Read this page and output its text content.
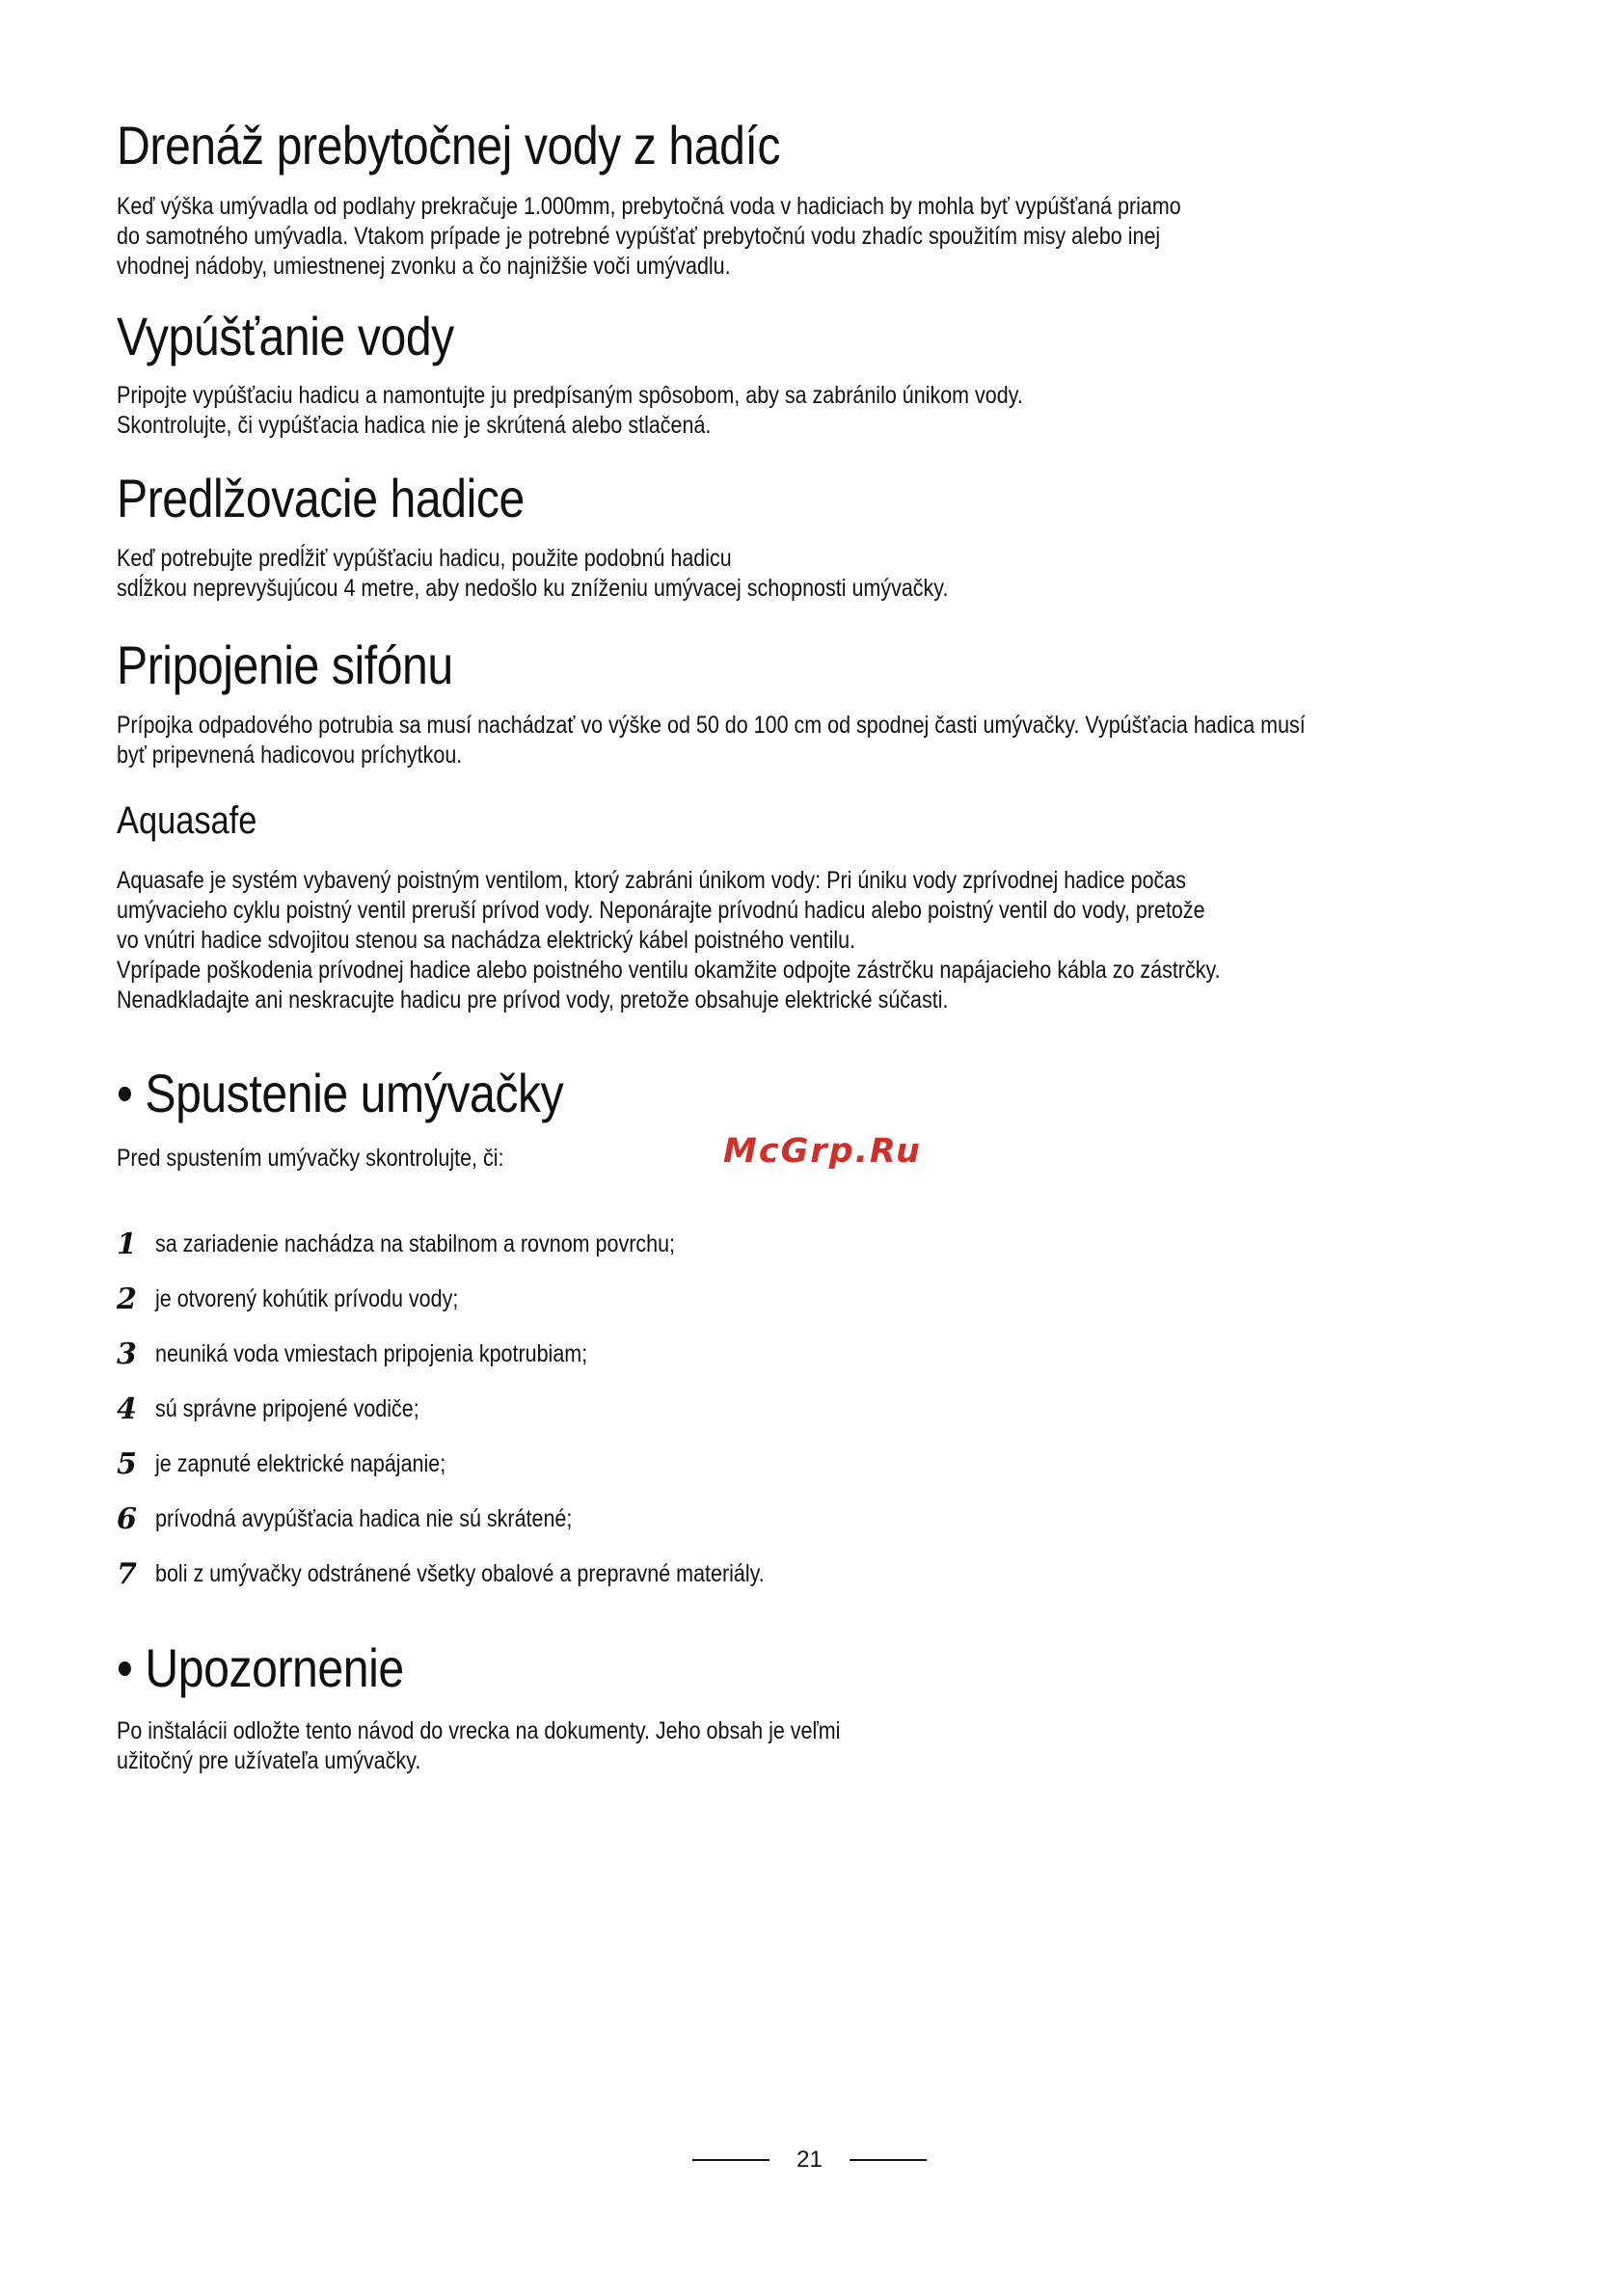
Drenáž prebytočnej vody z hadíc

Keď výška umývadla od podlahy prekračuje 1.000mm, prebytočná voda v hadiciach by mohla byť vypúšťaná priamo
do samotného umývadla. Vtakom prípade je potrebné vypúšťať prebytočnú vodu zhadíc spoužitím misy alebo inej
vhodnej nádoby, umiestnenej zvonku a čo najnižšie voči umývadlu.

Vypúšťanie vody

Pripojte vypúšťaciu hadicu a namontujte ju predpísaným spôsobom, aby sa zabránilo únikom vody.
Skontrolujte, či vypúšťacia hadica nie je skrútená alebo stlačená.

Predlžovacie hadice

Keď potrebujte predĺžiť vypúšťaciu hadicu, použite podobnú hadicu
sdĺžkou neprevyšujúcou 4 metre, aby nedošlo ku zníženiu umývacej schopnosti umývačky.

Pripojenie sifónu

Prípojka odpadového potrubia sa musí nachádzať vo výške od 50 do 100 cm od spodnej časti umývačky. Vypúšťacia hadica musí
byť pripevnená hadicovou príchytkou.

Aquasafe

Aquasafe je systém vybavený poistným ventilom, ktorý zabráni únikom vody: Pri úniku vody zprívodnej hadice počas
umývacieho cyklu poistný ventil preruší prívod vody. Neponárajte prívodnú hadicu alebo poistný ventil do vody, pretože
vo vnútri hadice sdvojitou stenou sa nachádza elektrický kábel poistného ventilu.
Vprípade poškodenia prívodnej hadice alebo poistného ventilu okamžite odpojte zástrčku napájacieho kábla zo zástrčky.
Nenadkladajte ani neskracujte hadicu pre prívod vody, pretože obsahuje elektrické súčasti.

• Spustenie umývačky

Pred spustením umývačky skontrolujte, či:

1 sa zariadenie nachádza na stabilnom a rovnom povrchu;
2 je otvorený kohútik prívodu vody;
3 neuniká voda vmiestach pripojenia kpotrubiam;
4 sú správne pripojené vodiče;
5 je zapnuté elektrické napájanie;
6 prívodná avypúšťacia hadica nie sú skrátené;
7 boli z umývačky odstránené všetky obalové a prepravné materiály.
• Upozornenie

Po inštalácii odložte tento návod do vrecka na dokumenty. Jeho obsah je veľmi
užitočný pre užívateľa umývačky.

McGrp.Ru
21
